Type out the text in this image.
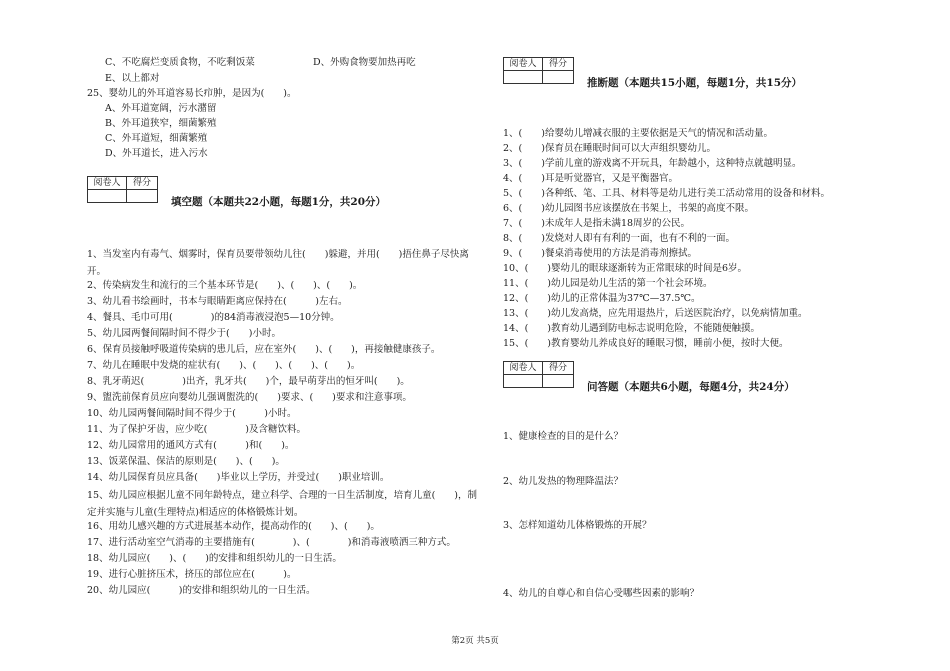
C、不吃腐烂变质食物，不吃剩饭菜	D、外购食物要加热再吃
E、以上都对
25、婴幼儿的外耳道容易长疖肿，是因为(　　)。
A、外耳道宽阔，污水潴留
B、外耳道狭窄，细菌繁殖
C、外耳道短，细菌繁殖
D、外耳道长，进入污水
阅卷人	得分

填空题（本题共22小题，每题1分，共20分）
1、当发室内有毒气、烟雾时，保育员要带领幼儿往(　　)躲避，并用(　　)捂住鼻子尽快离开。
2、传染病发生和流行的三个基本环节是(　　)、(　　)、(　　)。
3、幼儿看书绘画时，书本与眼睛距离应保持在(　　　)左右。
4、餐具、毛巾可用(　　　　)的84消毒液浸泡5—10分钟。
5、幼儿园两餐间隔时间不得少于(　　)小时。
6、保育员接触呼吸道传染病的患儿后，应在室外(　　)、(　　)，再接触健康孩子。
7、幼儿在睡眠中发烧的症状有(　　)、(　　)、(　　)、(　　)。
8、乳牙萌迟(　　　　)出齐，乳牙共(　　)个，最早萌芽出的恒牙叫(　　)。
9、盥洗前保育员应向婴幼儿强调盥洗的(　　)要求、(　　)要求和注意事项。
10、幼儿园两餐间隔时间不得少于(　　　)小时。
11、为了保护牙齿，应少吃(　　　　)及含糖饮料。
12、幼儿园常用的通风方式有(　　　)和(　　)。
13、饭菜保温、保洁的原则是(　　)、(　　)。
14、幼儿园保育员应具备(　　)毕业以上学历，并受过(　　)职业培训。
15、幼儿园应根据儿童不同年龄特点，建立科学、合理的一日生活制度，培育儿童(　　)，制定并实施与儿童(生理特点)相适应的体格锻炼计划。
16、用幼儿感兴趣的方式进展基本动作，提高动作的(　　)、(　　)。
17、进行活动室空气消毒的主要措施有(　　　　)、(　　　　)和消毒液喷洒三种方式。
18、幼儿园应(　　)、(　　)的安排和组织幼儿的一日生活。
19、进行心脏挤压术，挤压的部位应在(　　　)。
20、幼儿园应(　　　)的安排和组织幼儿的一日生活。
阅卷人	得分

推断题（本题共15小题，每题1分，共15分）
1、(　　)给婴幼儿增减衣服的主要依据是天气的情况和活动量。
2、(　　)保育员在睡眠时间可以大声组织婴幼儿。
3、(　　)学前儿童的游戏离不开玩具，年龄越小，这种特点就越明显。
4、(　　)耳是听觉器官，又是平衡器官。
5、(　　)各种纸、笔、工具、材料等是幼儿进行美工活动常用的设备和材料。
6、(　　)幼儿园图书应该摆放在书架上，书架的高度不限。
7、(　　)未成年人是指未满18周岁的公民。
8、(　　)发烧对人即有有利的一面，也有不利的一面。
9、(　　)餐桌消毒使用的方法是消毒剂擦拭。
10、(　　)婴幼儿的眼球逐渐转为正常眼球的时间是6岁。
11、(　　)幼儿园是幼儿生活的第一个社会环境。
12、(　　)幼儿的正常体温为37℃—37.5℃。
13、(　　)幼儿发高烧，应先用退热片，后送医院治疗，以免病情加重。
14、(　　)教育幼儿遇到防电标志说明危险，不能随便触摸。
15、(　　)教育婴幼儿养成良好的睡眠习惯，睡前小便，按时大便。
阅卷人	得分

问答题（本题共6小题，每题4分，共24分）
1、健康检查的目的是什么？
2、幼儿发热的物理降温法？
3、怎样知道幼儿体格锻炼的开展？
4、幼儿的自尊心和自信心受哪些因素的影响？
第2页 共5页
